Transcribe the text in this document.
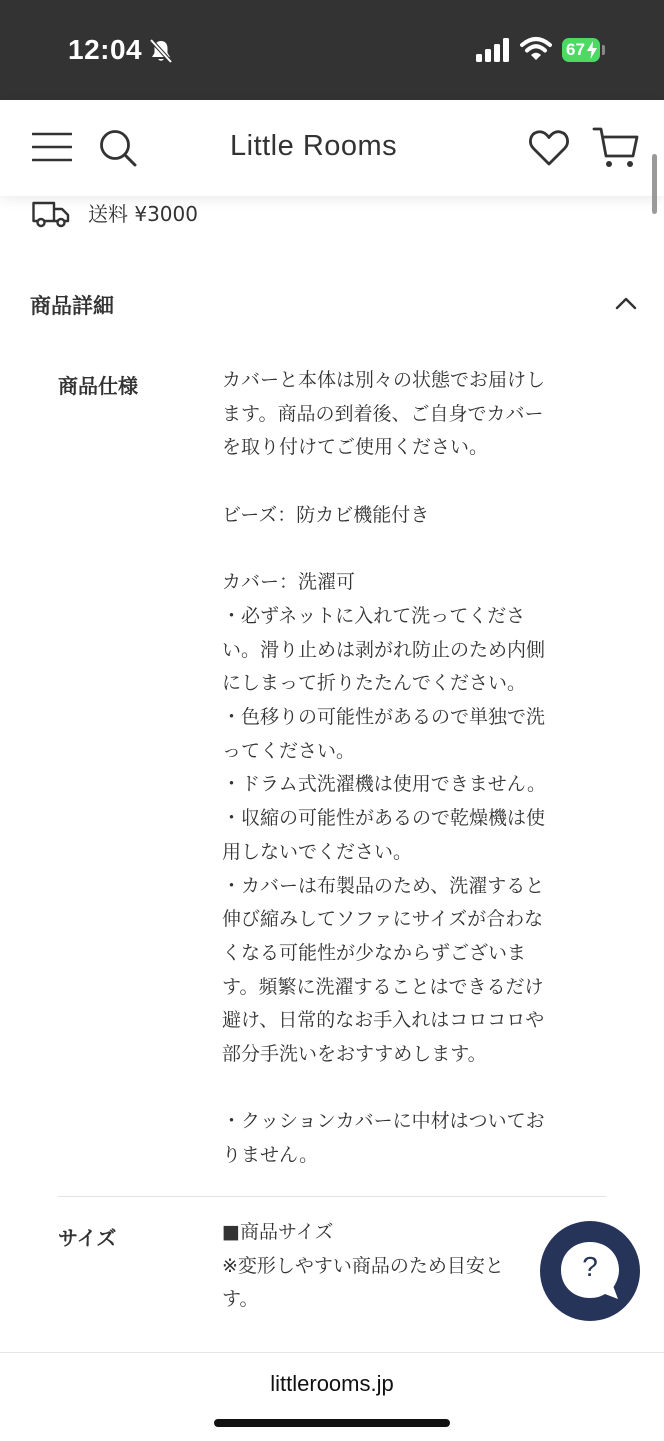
12:04	67
Little Rooms
送料 ¥3000
商品詳細
商品仕様	カバーと本体は別々の状態でお届けし

ます。商品の到着後、ご自身でカバー

を取り付けてご使用ください。

ビーズ：防カビ機能付き

カバー：洗濯可

・必ずネットに入れて洗ってくださ

い。滑り止めは剥がれ防止のため内側

にしまって折りたたんでください。

・色移りの可能性があるので単独で洗

ってください。

・ドラム式洗濯機は使用できません。

・収縮の可能性があるので乾燥機は使

用しないでください。

・カバーは布製品のため、洗濯すると

伸び縮みしてソファにサイズが合わな

くなる可能性が少なからずございま

す。頻繁に洗濯することはできるだけ

避け、日常的なお手入れはコロコロや

部分手洗いをおすすめします。

・クッションカバーに中材はついてお

りません。

サイズ	■商品サイズ

※変形しやすい商品のため目安と

す。

?
littlerooms.jp
